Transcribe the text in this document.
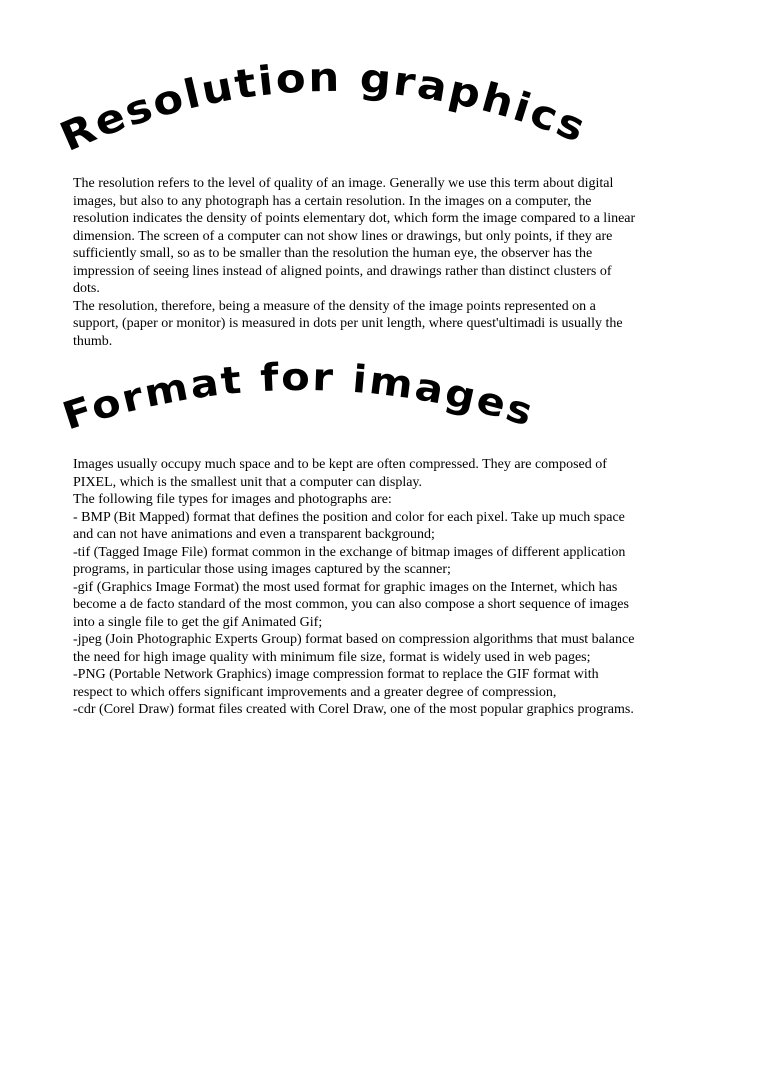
Resolution graphics
The resolution refers to the level of quality of an image. Generally we use this term about digital
images, but also to any photograph has a certain resolution. In the images on a computer, the
resolution indicates the density of points elementary dot, which form the image compared to a linear
dimension. The screen of a computer can not show lines or drawings, but only points, if they are
sufficiently small, so as to be smaller than the resolution the human eye, the observer has the
impression of seeing lines instead of aligned points, and drawings rather than distinct clusters of
dots.
The resolution, therefore, being a measure of the density of the image points represented on a
support, (paper or monitor) is measured in dots per unit length, where quest'ultimadi is usually the
thumb.
Format for images
Images usually occupy much space and to be kept are often compressed. They are composed of
PIXEL, which is the smallest unit that a computer can display.
The following file types for images and photographs are:
- BMP (Bit Mapped) format that defines the position and color for each pixel. Take up much space
and can not have animations and even a transparent background;
-tif (Tagged Image File) format common in the exchange of bitmap images of different application
programs, in particular those using images captured by the scanner;
-gif (Graphics Image Format) the most used format for graphic images on the Internet, which has
become a de facto standard of the most common, you can also compose a short sequence of images
into a single file to get the gif Animated Gif;
-jpeg (Join Photographic Experts Group) format based on compression algorithms that must balance
the need for high image quality with minimum file size, format is widely used in web pages;
-PNG (Portable Network Graphics) image compression format to replace the GIF format with
respect to which offers significant improvements and a greater degree of compression,
-cdr (Corel Draw) format files created with Corel Draw, one of the most popular graphics programs.
